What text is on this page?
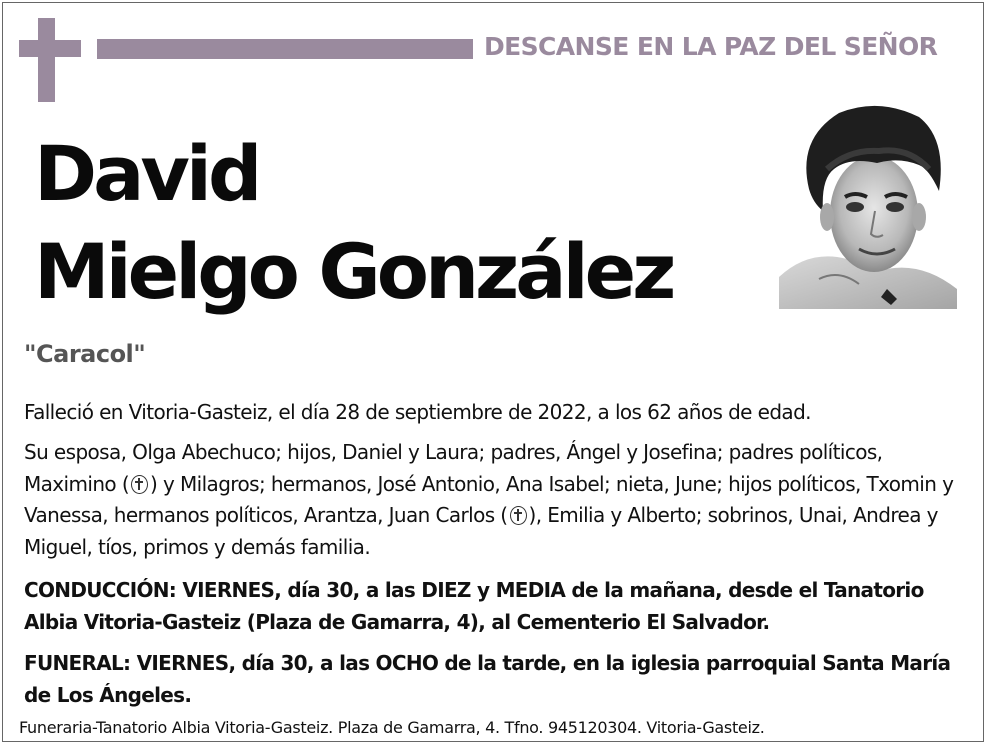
DESCANSE EN LA PAZ DEL SEÑOR
David
Mielgo González
"Caracol"
Falleció en Vitoria-Gasteiz, el día 28 de septiembre de 2022, a los 62 años de edad.
Su esposa, Olga Abechuco; hijos, Daniel y Laura; padres, Ángel y Josefina; padres políticos, Maximino ( ) y Milagros; hermanos, José Antonio, Ana Isabel; nieta, June; hijos políticos, Txomin y Vanessa, hermanos políticos, Arantza, Juan Carlos ( ), Emilia y Alberto; sobrinos, Unai, Andrea y Miguel, tíos, primos y demás familia.
CONDUCCIÓN: VIERNES, día 30, a las DIEZ y MEDIA de la mañana, desde el Tanatorio Albia Vitoria-Gasteiz (Plaza de Gamarra, 4), al Cementerio El Salvador.
FUNERAL: VIERNES, día 30, a las OCHO de la tarde, en la iglesia parroquial Santa María de Los Ángeles.
Funeraria-Tanatorio Albia Vitoria-Gasteiz. Plaza de Gamarra, 4. Tfno. 945120304. Vitoria-Gasteiz.
